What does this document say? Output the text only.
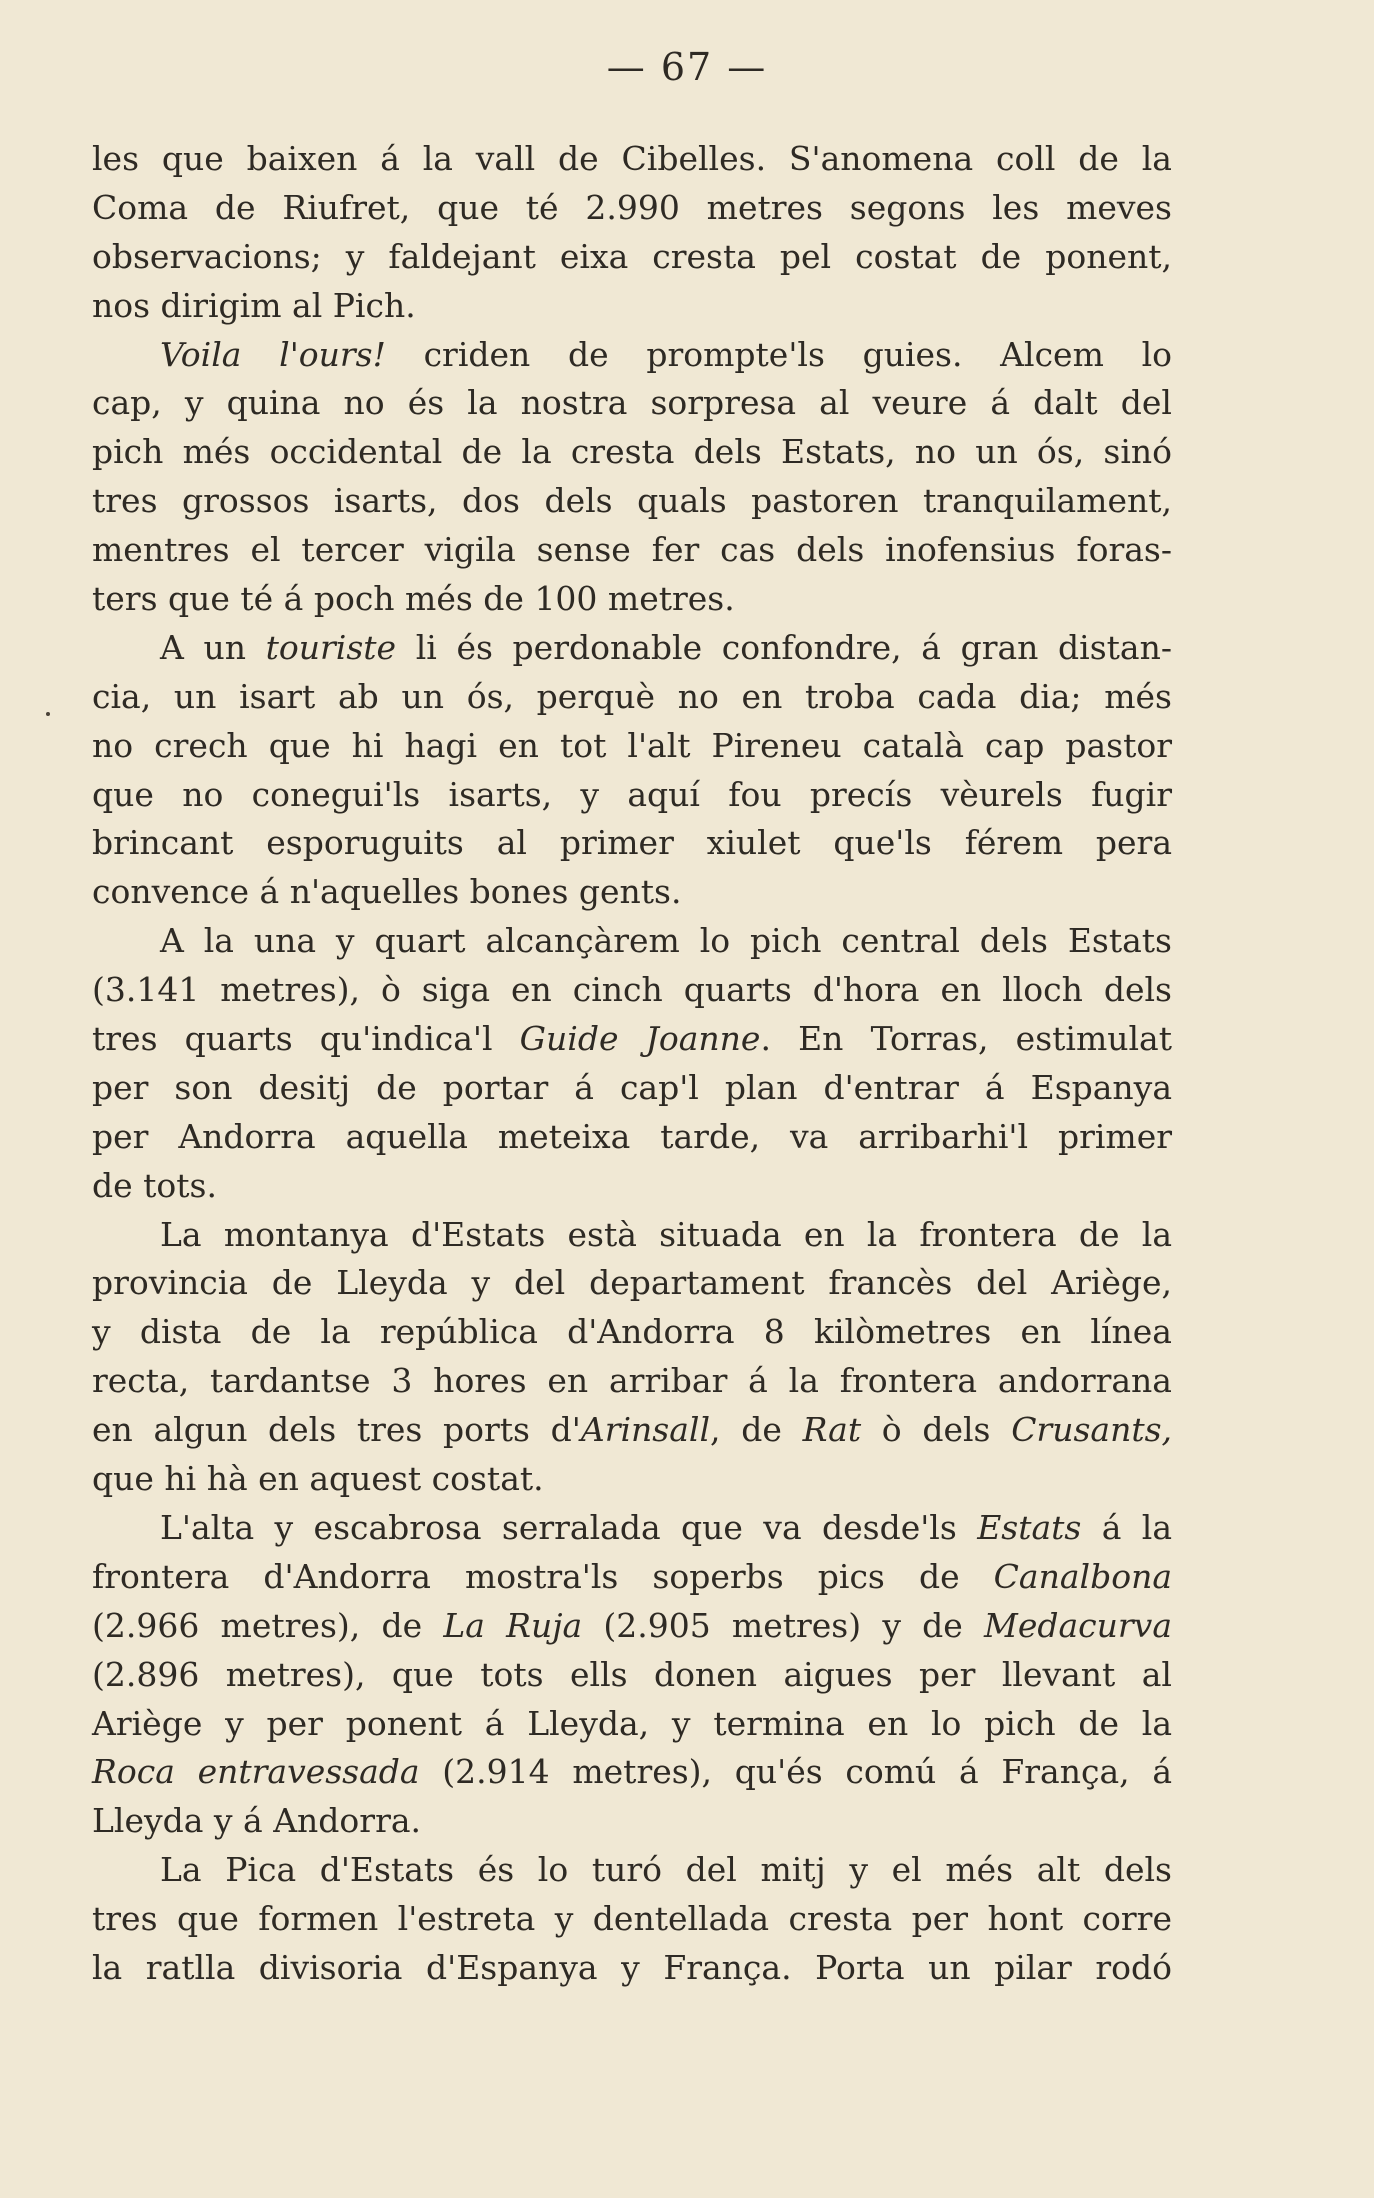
— 67 —
les que baixen á la vall de Cibelles. S'anomena coll de la
Coma de Riufret, que té 2.990 metres segons les meves
observacions; y faldejant eixa cresta pel costat de ponent,
nos dirigim al Pich.
Voila l'ours! criden de prompte'ls guies. Alcem lo
cap, y quina no és la nostra sorpresa al veure á dalt del
pich més occidental de la cresta dels Estats, no un ós, sinó
tres grossos isarts, dos dels quals pastoren tranquilament,
mentres el tercer vigila sense fer cas dels inofensius foras-
ters que té á poch més de 100 metres.
A un touriste li és perdonable confondre, á gran distan-
cia, un isart ab un ós, perquè no en troba cada dia; més
no crech que hi hagi en tot l'alt Pireneu català cap pastor
que no conegui'ls isarts, y aquí fou precís vèurels fugir
brincant esporuguits al primer xiulet que'ls férem pera
convence á n'aquelles bones gents.
A la una y quart alcançàrem lo pich central dels Estats
(3.141 metres), ò siga en cinch quarts d'hora en lloch dels
tres quarts qu'indica'l Guide Joanne. En Torras, estimulat
per son desitj de portar á cap'l plan d'entrar á Espanya
per Andorra aquella meteixa tarde, va arribarhi'l primer
de tots.
La montanya d'Estats està situada en la frontera de la
provincia de Lleyda y del departament francès del Ariège,
y dista de la república d'Andorra 8 kilòmetres en línea
recta, tardantse 3 hores en arribar á la frontera andorrana
en algun dels tres ports d'Arinsall, de Rat ò dels Crusants,
que hi hà en aquest costat.
L'alta y escabrosa serralada que va desde'ls Estats á la
frontera d'Andorra mostra'ls soperbs pics de Canalbona
(2.966 metres), de La Ruja (2.905 metres) y de Medacurva
(2.896 metres), que tots ells donen aigues per llevant al
Ariège y per ponent á Lleyda, y termina en lo pich de la
Roca entravessada (2.914 metres), qu'és comú á França, á
Lleyda y á Andorra.
La Pica d'Estats és lo turó del mitj y el més alt dels
tres que formen l'estreta y dentellada cresta per hont corre
la ratlla divisoria d'Espanya y França. Porta un pilar rodó
